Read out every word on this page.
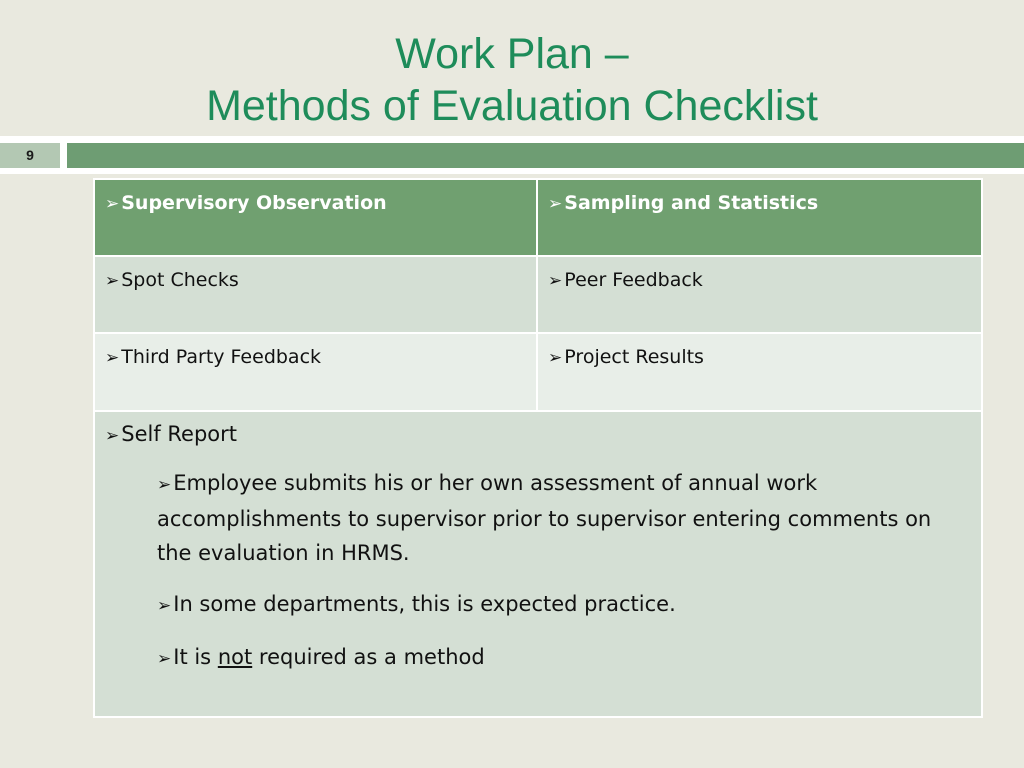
Work Plan –
Methods of Evaluation Checklist
9
➢ Supervisory Observation	➢ Sampling and Statistics
➢ Spot Checks	➢ Peer Feedback
➢ Third Party Feedback	➢ Project Results

➢Self Report
➢Employee submits his or her own assessment of annual work accomplishments to supervisor prior to supervisor entering comments on the evaluation in HRMS.
➢In some departments, this is expected practice.
➢It is not required as a method	
